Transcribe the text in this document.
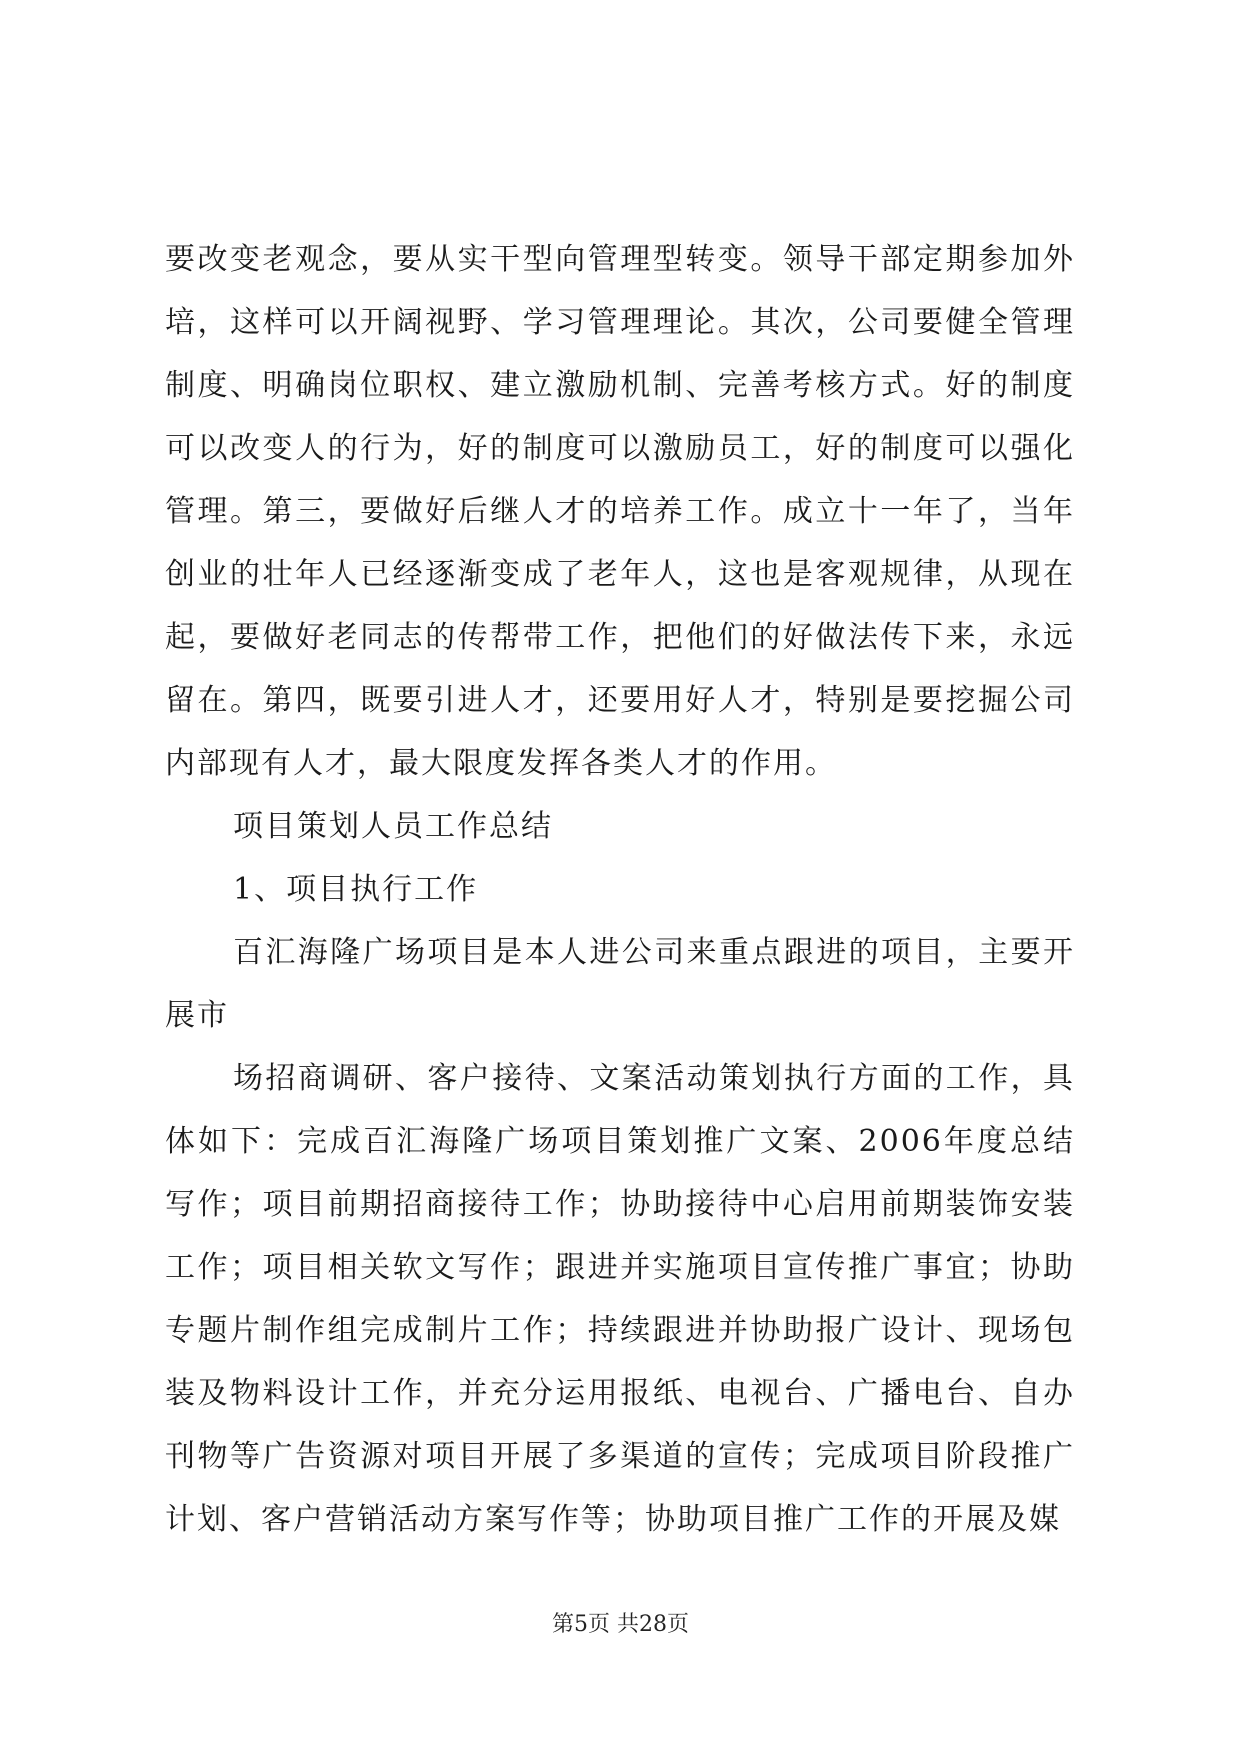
要改变老观念，要从实干型向管理型转变。领导干部定期参加外培，这样可以开阔视野、学习管理理论。其次，公司要健全管理制度、明确岗位职权、建立激励机制、完善考核方式。好的制度可以改变人的行为，好的制度可以激励员工，好的制度可以强化管理。第三，要做好后继人才的培养工作。成立十一年了，当年创业的壮年人已经逐渐变成了老年人，这也是客观规律，从现在起，要做好老同志的传帮带工作，把他们的好做法传下来，永远留在。第四，既要引进人才，还要用好人才，特别是要挖掘公司内部现有人才，最大限度发挥各类人才的作用。

项目策划人员工作总结

1、项目执行工作

百汇海隆广场项目是本人进公司来重点跟进的项目，主要开展市

场招商调研、客户接待、文案活动策划执行方面的工作，具体如下：完成百汇海隆广场项目策划推广文案、2006年度总结写作；项目前期招商接待工作；协助接待中心启用前期装饰安装工作；项目相关软文写作；跟进并实施项目宣传推广事宜；协助专题片制作组完成制片工作；持续跟进并协助报广设计、现场包装及物料设计工作，并充分运用报纸、电视台、广播电台、自办刊物等广告资源对项目开展了多渠道的宣传；完成项目阶段推广计划、客户营销活动方案写作等；协助项目推广工作的开展及媒

第5页 共28页
